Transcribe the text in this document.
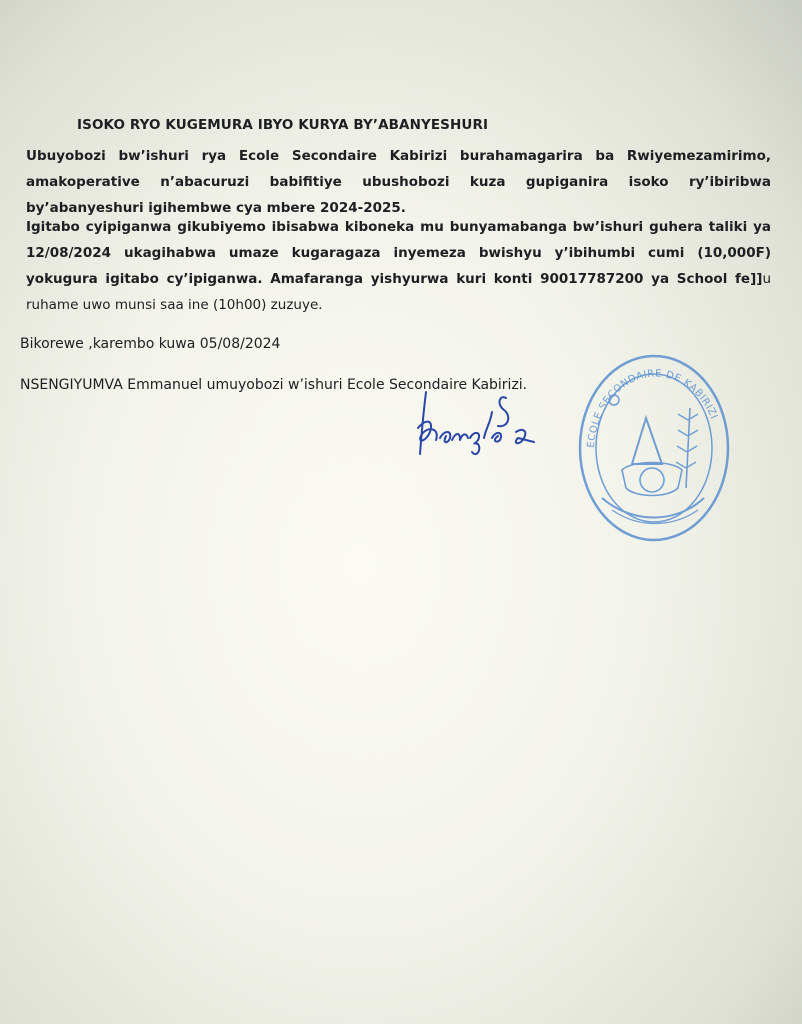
ISOKO RYO KUGEMURA IBYO KURYA BY’ABANYESHURI
Ubuyobozi bw’ishuri rya Ecole Secondaire Kabirizi burahamagarira ba Rwiyemezamirimo, amakoperative n’abacuruzi babifitiye ubushobozi kuza gupiganira isoko ry’ibiribwa by’abanyeshuri igihembwe cya mbere 2024-2025.
Igitabo cyipiganwa gikubiyemo ibisabwa kiboneka mu bunyamabanga bw’ishuri guhera taliki ya 12/08/2024 ukagihabwa umaze kugaragaza inyemeza bwishyu y’ibihumbi cumi (10,000F) yokugura igitabo cy’ipiganwa. Amafaranga yishyurwa kuri konti 90017787200 ya School fe]]u ruhame uwo munsi saa ine (10h00) zuzuye.
Bikorewe ,karembo kuwa 05/08/2024
NSENGIYUMVA Emmanuel umuyobozi w’ishuri Ecole Secondaire Kabirizi.
ECOLE SECONDAIRE DE KABIRIZI
